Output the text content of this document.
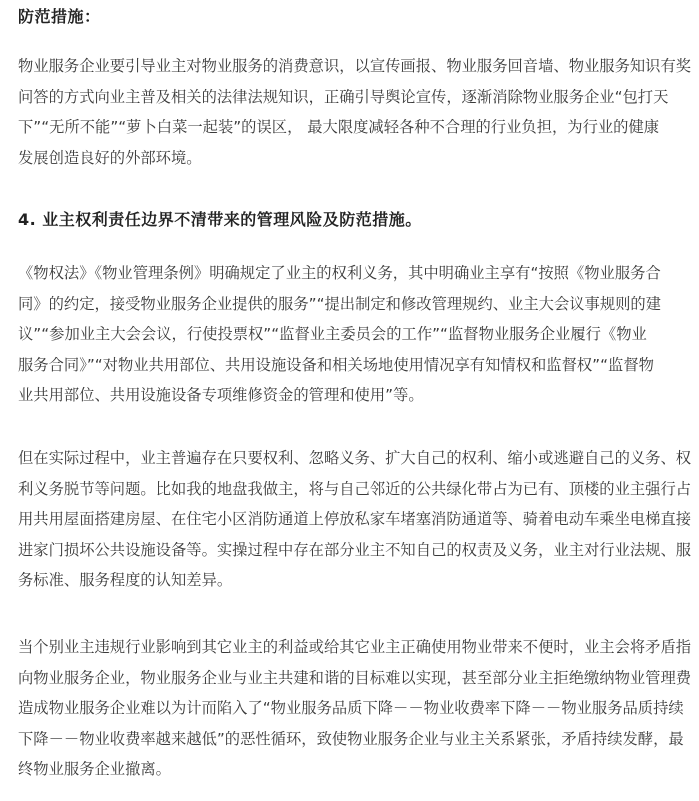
防范措施：
物业服务企业要引导业主对物业服务的消费意识，以宣传画报、物业服务回音墙、物业服务知识有奖
问答的方式向业主普及相关的法律法规知识，正确引导舆论宣传，逐渐消除物业服务企业“包打天
下”“无所不能”“萝卜白菜一起装”的误区， 最大限度减轻各种不合理的行业负担，为行业的健康
发展创造良好的外部环境。
4. 业主权利责任边界不清带来的管理风险及防范措施。
《物权法》《物业管理条例》明确规定了业主的权利义务，其中明确业主享有“按照《物业服务合
同》的约定，接受物业服务企业提供的服务”“提出制定和修改管理规约、业主大会议事规则的建
议”“参加业主大会会议，行使投票权”“监督业主委员会的工作”“监督物业服务企业履行《物业
服务合同》”“对物业共用部位、共用设施设备和相关场地使用情况享有知情权和监督权”“监督物
业共用部位、共用设施设备专项维修资金的管理和使用”等。
但在实际过程中，业主普遍存在只要权利、忽略义务、扩大自己的权利、缩小或逃避自己的义务、权
利义务脱节等问题。比如我的地盘我做主，将与自己邻近的公共绿化带占为已有、顶楼的业主强行占
用共用屋面搭建房屋、在住宅小区消防通道上停放私家车堵塞消防通道等、骑着电动车乘坐电梯直接
进家门损坏公共设施设备等。实操过程中存在部分业主不知自己的权责及义务，业主对行业法规、服
务标准、服务程度的认知差异。
当个别业主违规行业影响到其它业主的利益或给其它业主正确使用物业带来不便时，业主会将矛盾指
向物业服务企业，物业服务企业与业主共建和谐的目标难以实现，甚至部分业主拒绝缴纳物业管理费
造成物业服务企业难以为计而陷入了“物业服务品质下降－－物业收费率下降－－物业服务品质持续
下降－－物业收费率越来越低”的恶性循环，致使物业服务企业与业主关系紧张，矛盾持续发酵，最
终物业服务企业撤离。
